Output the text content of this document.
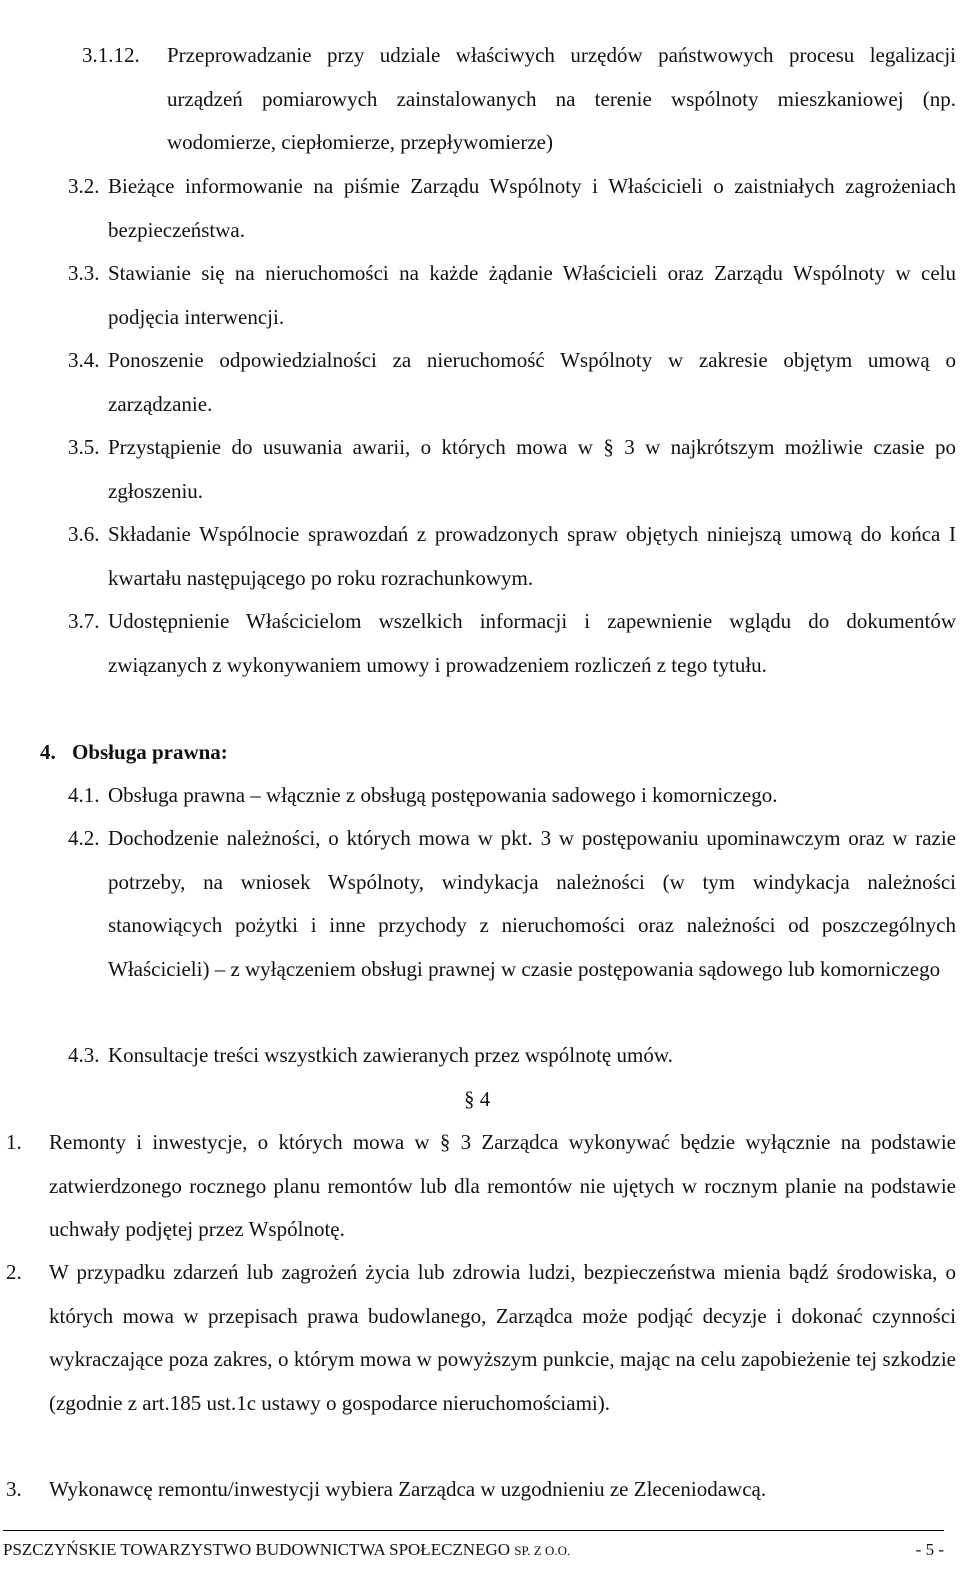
3.1.12. Przeprowadzanie przy udziale właściwych urzędów państwowych procesu legalizacji urządzeń pomiarowych zainstalowanych na terenie wspólnoty mieszkaniowej (np. wodomierze, ciepłomierze, przepływomierze)
3.2. Bieżące informowanie na piśmie Zarządu Wspólnoty i Właścicieli o zaistniałych zagrożeniach bezpieczeństwa.
3.3. Stawianie się na nieruchomości na każde żądanie Właścicieli oraz Zarządu Wspólnoty w celu podjęcia interwencji.
3.4. Ponoszenie odpowiedzialności za nieruchomość Wspólnoty w zakresie objętym umową o zarządzanie.
3.5. Przystąpienie do usuwania awarii, o których mowa w § 3 w najkrótszym możliwie czasie po zgłoszeniu.
3.6. Składanie Wspólnocie sprawozdań z prowadzonych spraw objętych niniejszą umową do końca I kwartału następującego po roku rozrachunkowym.
3.7. Udostępnienie Właścicielom wszelkich informacji i zapewnienie wglądu do dokumentów związanych z wykonywaniem umowy i prowadzeniem rozliczeń z tego tytułu.
4. Obsługa prawna:
4.1. Obsługa prawna – włącznie z obsługą postępowania sadowego i komorniczego.
4.2. Dochodzenie należności, o których mowa w pkt. 3 w postępowaniu upominawczym oraz w razie potrzeby, na wniosek Wspólnoty, windykacja należności (w tym windykacja należności stanowiących pożytki i inne przychody z nieruchomości oraz należności od poszczególnych Właścicieli) – z wyłączeniem obsługi prawnej w czasie postępowania sądowego lub komorniczego
4.3. Konsultacje treści wszystkich zawieranych przez wspólnotę umów.
§ 4
1. Remonty i inwestycje, o których mowa w § 3 Zarządca wykonywać będzie wyłącznie na podstawie zatwierdzonego rocznego planu remontów lub dla remontów nie ujętych w rocznym planie na podstawie uchwały podjętej przez Wspólnotę.
2. W przypadku zdarzeń lub zagrożeń życia lub zdrowia ludzi, bezpieczeństwa mienia bądź środowiska, o których mowa w przepisach prawa budowlanego, Zarządca może podjąć decyzje i dokonać czynności wykraczające poza zakres, o którym mowa w powyższym punkcie, mając na celu zapobieżenie tej szkodzie (zgodnie z art.185 ust.1c ustawy o gospodarce nieruchomościami).
3. Wykonawcę remontu/inwestycji wybiera Zarządca w uzgodnieniu ze Zleceniodawcą.
PSZCZYŃSKIE TOWARZYSTWO BUDOWNICTWA SPOŁECZNEGO SP. Z O.O.	- 5 -
